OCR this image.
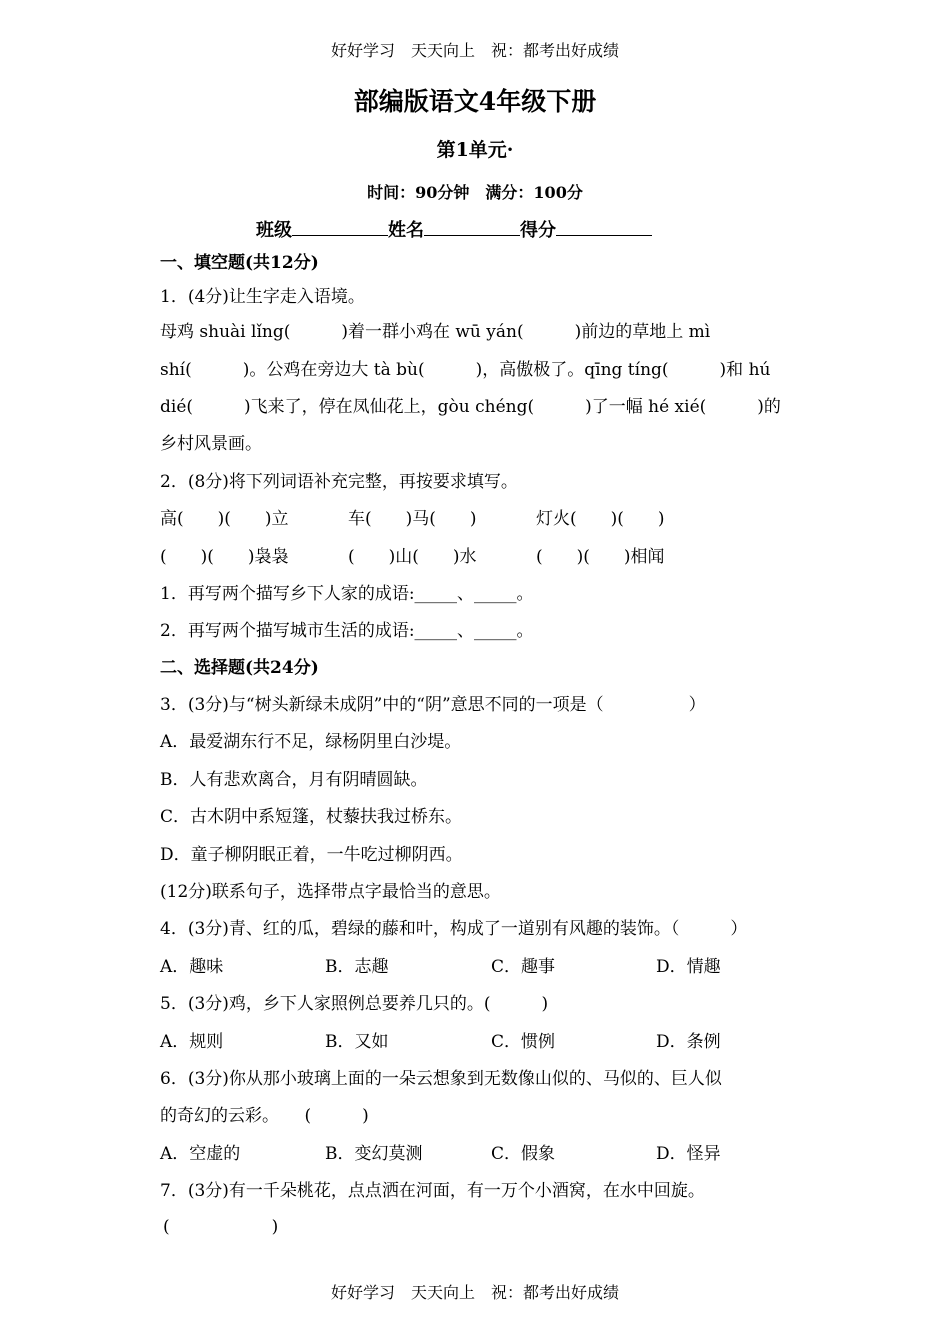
好好学习　天天向上　祝：都考出好成绩
部编版语文4年级下册
第1单元·
时间：90分钟　满分：100分
班级	姓名	得分
一、填空题(共12分)
1．(4分)让生字走入语境。
母鸡 shuài lǐng(　　　)着一群小鸡在 wū yán(　　　)前边的草地上 mì
shí(　　　)。公鸡在旁边大 tà bù(　　　)，高傲极了。qīng tíng(　　　)和 hú
dié(　　　)飞来了，停在凤仙花上，gòu chéng(　　　)了一幅 hé xié(　　　)的
乡村风景画。
2．(8分)将下列词语补充完整，再按要求填写。
高(　　)(　　)立	车(　　)马(　　)	灯火(　　)(　　)
(　　)(　　)袅袅	(　　)山(　　)水	(　　)(　　)相闻
1．再写两个描写乡下人家的成语:_____、_____。
2．再写两个描写城市生活的成语:_____、_____。
二、选择题(共24分)
3．(3分)与“树头新绿未成阴”中的“阴”意思不同的一项是（　　　　　）
A．最爱湖东行不足，绿杨阴里白沙堤。
B．人有悲欢离合，月有阴晴圆缺。
C．古木阴中系短篷，杖藜扶我过桥东。
D．童子柳阴眠正着，一牛吃过柳阴西。
(12分)联系句子，选择带点字最恰当的意思。
4．(3分)青、红的瓜，碧绿的藤和叶，构成了一道别有风趣的装饰。（　　　）
A．趣味	B．志趣	C．趣事	D．情趣
5．(3分)鸡，乡下人家照例总要养几只的。(　　　)
A．规则	B．又如	C．惯例	D．条例
6．(3分)你从那小玻璃上面的一朵云想象到无数像山似的、马似的、巨人似
的奇幻的云彩。　　(　　　)
A．空虚的	B．变幻莫测	C．假象	D．怪异
7．(3分)有一千朵桃花，点点洒在河面，有一万个小酒窝，在水中回旋。
(　　　　　　)
好好学习　天天向上　祝：都考出好成绩
